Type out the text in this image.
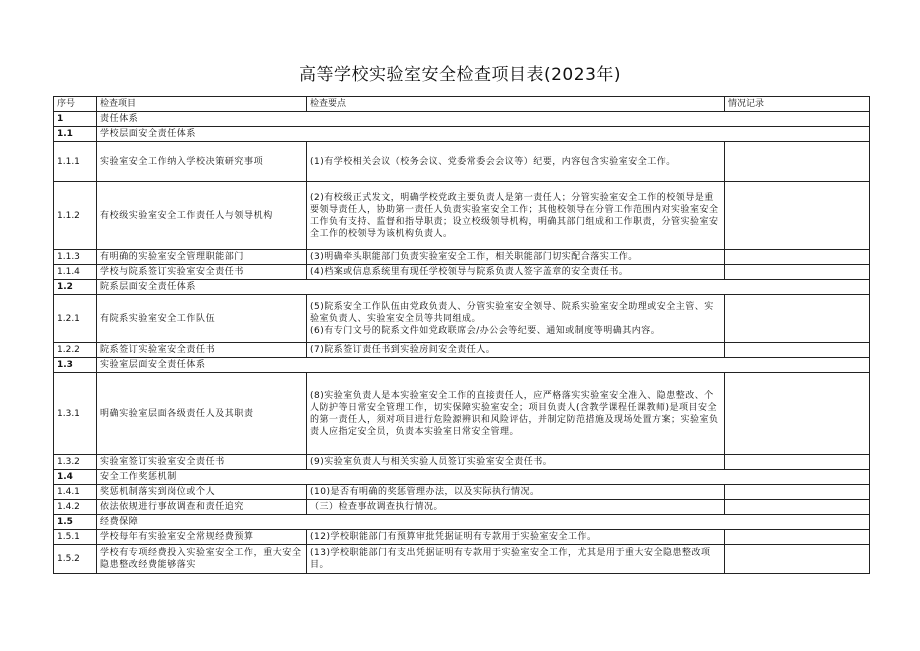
高等学校实验室安全检查项目表(2023年)
序号	检查项目	检查要点	情况记录
1	责任体系		
1.1	学校层面安全责任体系		
1.1.1	实验室安全工作纳入学校决策研究事项	(1)有学校相关会议（校务会议、党委常委会会议等）纪要，内容包含实验室安全工作。	
1.1.2	有校级实验室安全工作责任人与领导机构	(2)有校级正式发文，明确学校党政主要负责人是第一责任人；分管实验室安全工作的校领导是重要领导责任人，协助第一责任人负责实验室安全工作；其他校领导在分管工作范围内对实验室安全工作负有支持、监督和指导职责；设立校级领导机构，明确其部门组成和工作职责，分管实验室安全工作的校领导为该机构负责人。	
1.1.3	有明确的实验室安全管理职能部门	(3)明确牵头职能部门负责实验室安全工作，相关职能部门切实配合落实工作。	
1.1.4	学校与院系签订实验室安全责任书	(4)档案或信息系统里有现任学校领导与院系负责人签字盖章的安全责任书。	
1.2	院系层面安全责任体系		
1.2.1	有院系实验室安全工作队伍	(5)院系安全工作队伍由党政负责人、分管实验室安全领导、院系实验室安全助理或安全主管、实验室负责人、实验室安全员等共同组成。
(6)有专门文号的院系文件如党政联席会/办公会等纪要、通知或制度等明确其内容。	
1.2.2	院系签订实验室安全责任书	(7)院系签订责任书到实验房间安全责任人。	
1.3	实验室层面安全责任体系		
1.3.1	明确实验室层面各级责任人及其职责	(8)实验室负责人是本实验室安全工作的直接责任人，应严格落实实验室安全准入、隐患整改、个人防护等日常安全管理工作，切实保障实验室安全；项目负责人(含教学课程任课教师)是项目安全的第一责任人，须对项目进行危险源辨识和风险评估，并制定防范措施及现场处置方案；实验室负责人应指定安全员，负责本实验室日常安全管理。	
1.3.2	实验室签订实验室安全责任书	(9)实验室负责人与相关实验人员签订实验室安全责任书。	
1.4	安全工作奖惩机制		
1.4.1	奖惩机制落实到岗位或个人	(10)是否有明确的奖惩管理办法，以及实际执行情况。	
1.4.2	依法依规进行事故调查和责任追究	（三）检查事故调查执行情况。	
1.5	经费保障		
1.5.1	学校每年有实验室安全常规经费预算	(12)学校职能部门有预算审批凭据证明有专款用于实验室安全工作。	
1.5.2	学校有专项经费投入实验室安全工作，重大安全隐患整改经费能够落实	(13)学校职能部门有支出凭据证明有专款用于实验室安全工作，尤其是用于重大安全隐患整改项目。	
